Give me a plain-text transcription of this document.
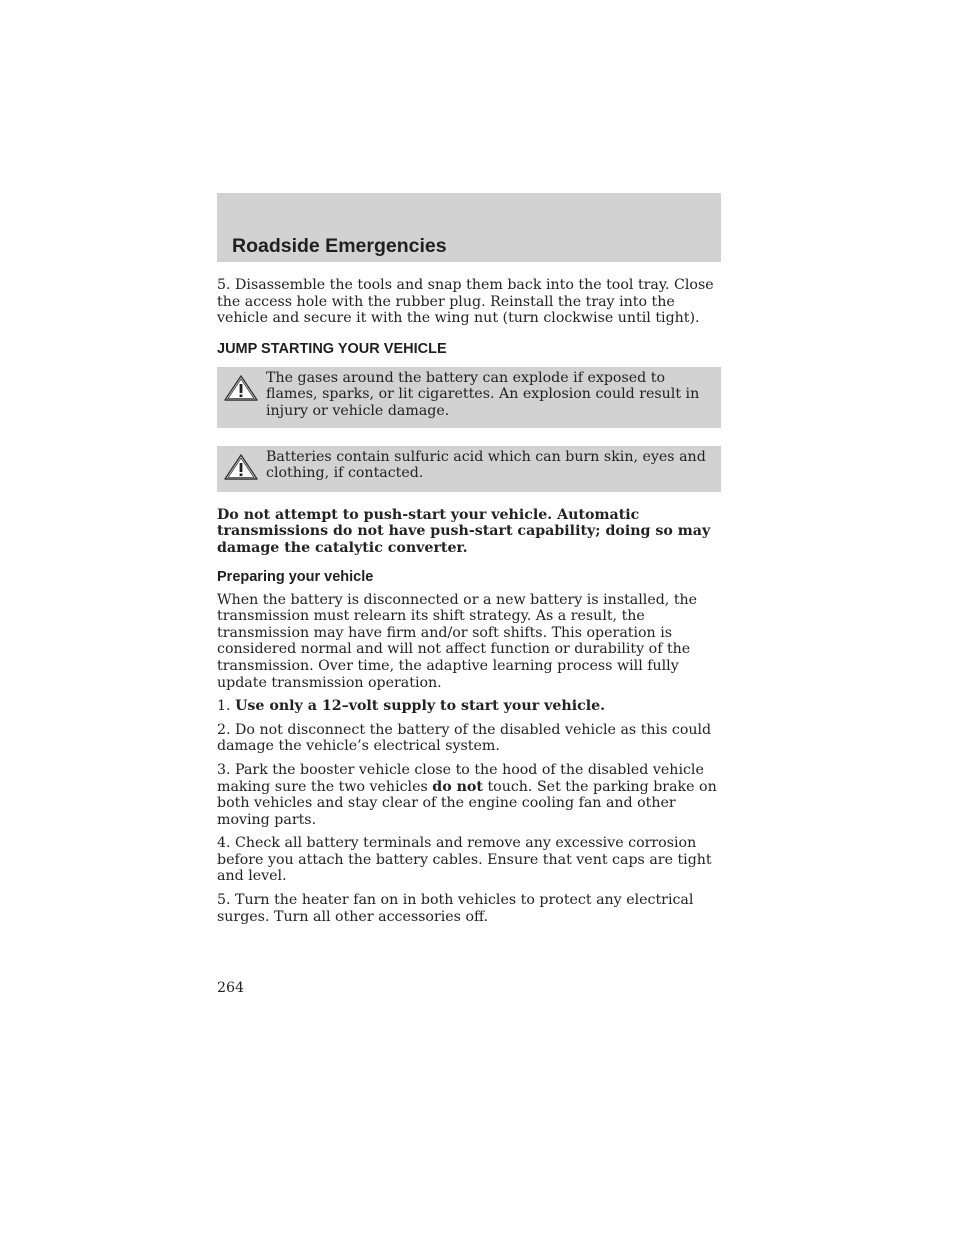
Roadside Emergencies

5. Disassemble the tools and snap them back into the tool tray. Close the access hole with the rubber plug. Reinstall the tray into the vehicle and secure it with the wing nut (turn clockwise until tight).

JUMP STARTING YOUR VEHICLE
The gases around the battery can explode if exposed to flames, sparks, or lit cigarettes. An explosion could result in injury or vehicle damage.
Batteries contain sulfuric acid which can burn skin, eyes and clothing, if contacted.

Do not attempt to push-start your vehicle. Automatic transmissions do not have push-start capability; doing so may damage the catalytic converter.

Preparing your vehicle

When the battery is disconnected or a new battery is installed, the transmission must relearn its shift strategy. As a result, the transmission may have firm and/or soft shifts. This operation is considered normal and will not affect function or durability of the transmission. Over time, the adaptive learning process will fully update transmission operation.

1. Use only a 12–volt supply to start your vehicle.

2. Do not disconnect the battery of the disabled vehicle as this could damage the vehicle’s electrical system.

3. Park the booster vehicle close to the hood of the disabled vehicle making sure the two vehicles do not touch. Set the parking brake on both vehicles and stay clear of the engine cooling fan and other moving parts.

4. Check all battery terminals and remove any excessive corrosion before you attach the battery cables. Ensure that vent caps are tight and level.

5. Turn the heater fan on in both vehicles to protect any electrical surges. Turn all other accessories off.

264
